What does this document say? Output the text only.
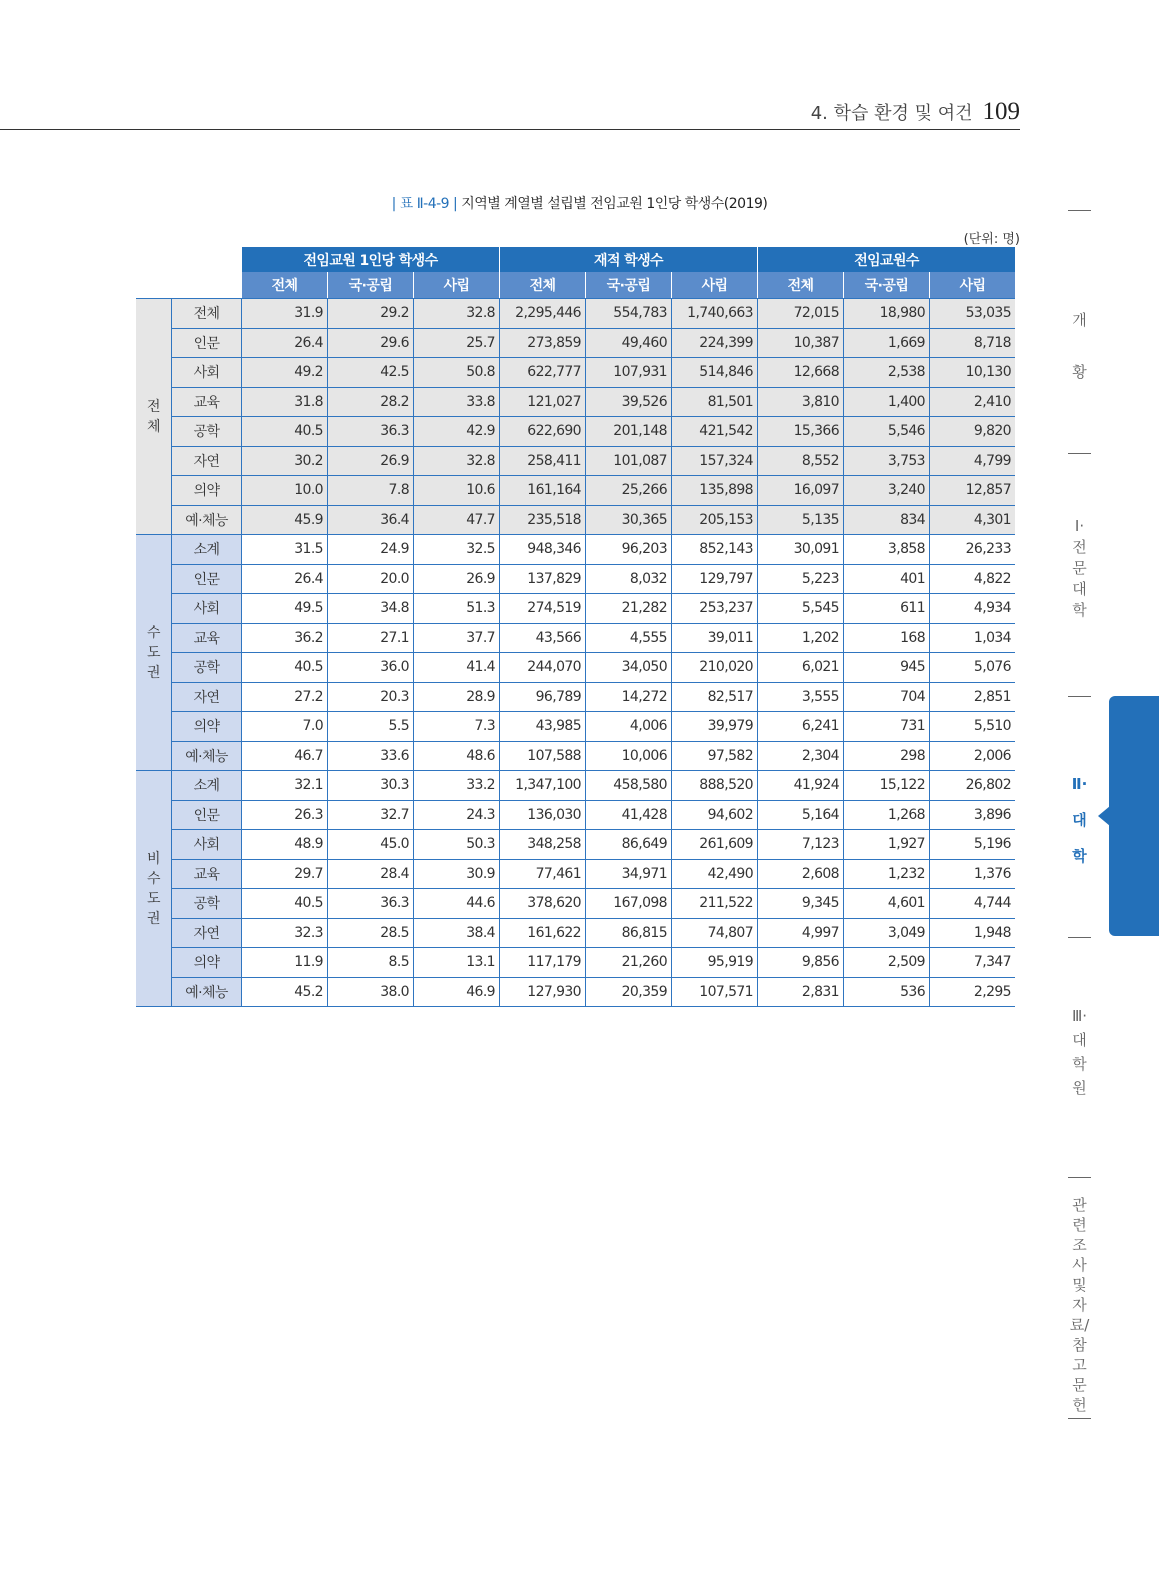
4. 학습 환경 및 여건 109
| 표 Ⅱ-4-9 | 지역별 계열별 설립별 전임교원 1인당 학생수(2019)
(단위: 명)
		전임교원 1인당 학생수			재적 학생수			전임교원수		
		전체	국·공립	사립	전체	국·공립	사립	전체	국·공립	사립
전체	전체	31.9	29.2	32.8	2,295,446	554,783	1,740,663	72,015	18,980	53,035
	인문	26.4	29.6	25.7	273,859	49,460	224,399	10,387	1,669	8,718
	사회	49.2	42.5	50.8	622,777	107,931	514,846	12,668	2,538	10,130
	교육	31.8	28.2	33.8	121,027	39,526	81,501	3,810	1,400	2,410
	공학	40.5	36.3	42.9	622,690	201,148	421,542	15,366	5,546	9,820
	자연	30.2	26.9	32.8	258,411	101,087	157,324	8,552	3,753	4,799
	의약	10.0	7.8	10.6	161,164	25,266	135,898	16,097	3,240	12,857
	예·체능	45.9	36.4	47.7	235,518	30,365	205,153	5,135	834	4,301
수도권	소계	31.5	24.9	32.5	948,346	96,203	852,143	30,091	3,858	26,233
	인문	26.4	20.0	26.9	137,829	8,032	129,797	5,223	401	4,822
	사회	49.5	34.8	51.3	274,519	21,282	253,237	5,545	611	4,934
	교육	36.2	27.1	37.7	43,566	4,555	39,011	1,202	168	1,034
	공학	40.5	36.0	41.4	244,070	34,050	210,020	6,021	945	5,076
	자연	27.2	20.3	28.9	96,789	14,272	82,517	3,555	704	2,851
	의약	7.0	5.5	7.3	43,985	4,006	39,979	6,241	731	5,510
	예·체능	46.7	33.6	48.6	107,588	10,006	97,582	2,304	298	2,006
비수도권	소계	32.1	30.3	33.2	1,347,100	458,580	888,520	41,924	15,122	26,802
	인문	26.3	32.7	24.3	136,030	41,428	94,602	5,164	1,268	3,896
	사회	48.9	45.0	50.3	348,258	86,649	261,609	7,123	1,927	5,196
	교육	29.7	28.4	30.9	77,461	34,971	42,490	2,608	1,232	1,376
	공학	40.5	36.3	44.6	378,620	167,098	211,522	9,345	4,601	4,744
	자연	32.3	28.5	38.4	161,622	86,815	74,807	4,997	3,049	1,948
	의약	11.9	8.5	13.1	117,179	21,260	95,919	9,856	2,509	7,347
	예·체능	45.2	38.0	46.9	127,930	20,359	107,571	2,831	536	2,295
개황
Ⅰ·전문대학
Ⅱ·대학
Ⅲ·대학원
관련조사 및 자료/참고문헌
